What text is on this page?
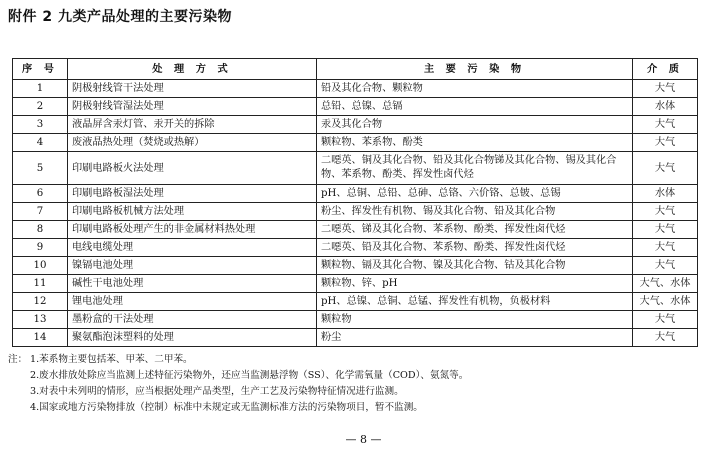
附件 2 九类产品处理的主要污染物
序 号	处 理 方 式	主 要 污 染 物	介 质
1	阴极射线管干法处理	铅及其化合物、颗粒物	大气
2	阴极射线管湿法处理	总铅、总镍、总镉	水体
3	液晶屏含汞灯管、汞开关的拆除	汞及其化合物	大气
4	废液晶热处理（焚烧或热解）	颗粒物、苯系物、酚类	大气
5	印刷电路板火法处理	二噁英、铜及其化合物、铅及其化合物锑及其化合物、锡及其化合物、苯系物、酚类、挥发性卤代烃	大气
6	印刷电路板湿法处理	pH、总铜、总铅、总砷、总铬、六价铬、总铍、总锡	水体
7	印刷电路板机械方法处理	粉尘、挥发性有机物、锡及其化合物、铅及其化合物	大气
8	印刷电路板处理产生的非金属材料热处理	二噁英、锑及其化合物、苯系物、酚类、挥发性卤代烃	大气
9	电线电缆处理	二噁英、铅及其化合物、苯系物、酚类、挥发性卤代烃	大气
10	镍镉电池处理	颗粒物、镉及其化合物、镍及其化合物、钴及其化合物	大气
11	碱性干电池处理	颗粒物、锌、pH	大气、水体
12	锂电池处理	pH、总镍、总铜、总锰、挥发性有机物，负极材料	大气、水体
13	墨粉盒的干法处理	颗粒物	大气
14	聚氨酯泡沫塑料的处理	粉尘	大气
注： 1.苯系物主要包括苯、甲苯、二甲苯。
2.废水排放处除应当监测上述特征污染物外，还应当监测悬浮物（SS）、化学需氧量（COD）、氨氮等。
3.对表中未列明的情形，应当根据处理产品类型，生产工艺及污染物特征情况进行监测。
4.国家或地方污染物排放（控制）标准中未规定或无监测标准方法的污染物项目，暂不监测。
— 8 —
